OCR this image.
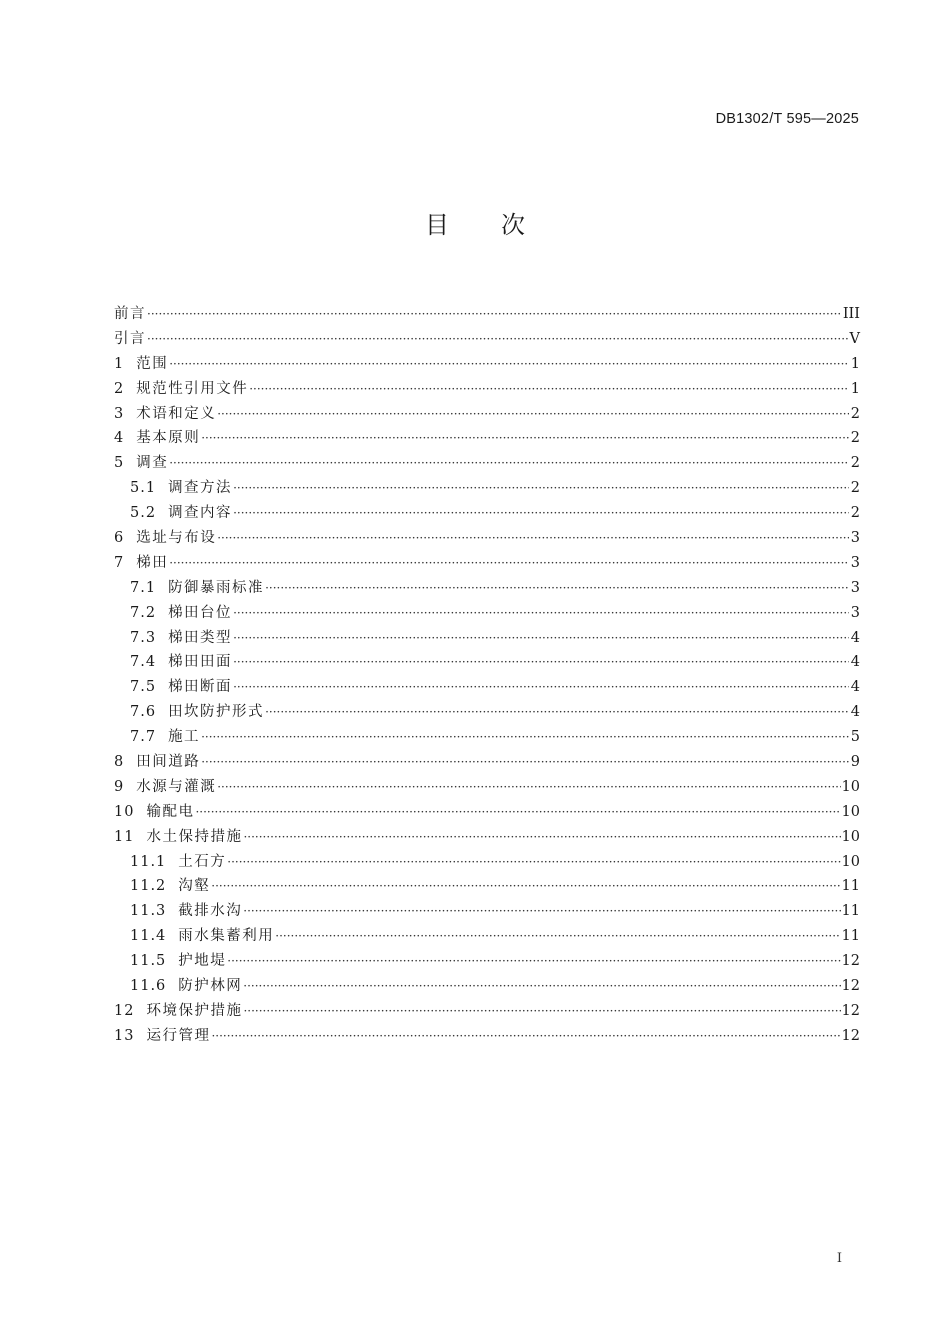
DB1302/T 595—2025
目 次
前言 ·····	III
引言 ·····	V
1 范围 ·····	1
2 规范性引用文件 ·····	1
3 术语和定义 ·····	2
4 基本原则 ·····	2
5 调查 ·····	2
5.1 调查方法 ·····	2
5.2 调查内容 ·····	2
6 选址与布设 ·····	3
7 梯田 ·····	3
7.1 防御暴雨标准 ·····	3
7.2 梯田台位 ·····	3
7.3 梯田类型 ·····	4
7.4 梯田田面 ·····	4
7.5 梯田断面 ·····	4
7.6 田坎防护形式 ·····	4
7.7 施工 ·····	5
8 田间道路 ·····	9
9 水源与灌溉 ·····	10
10 输配电 ·····	10
11 水土保持措施 ·····	10
11.1 土石方 ·····	10
11.2 沟壑 ·····	11
11.3 截排水沟 ·····	11
11.4 雨水集蓄利用 ·····	11
11.5 护地堤 ·····	12
11.6 防护林网 ·····	12
12 环境保护措施 ·····	12
13 运行管理 ·····	12
I
